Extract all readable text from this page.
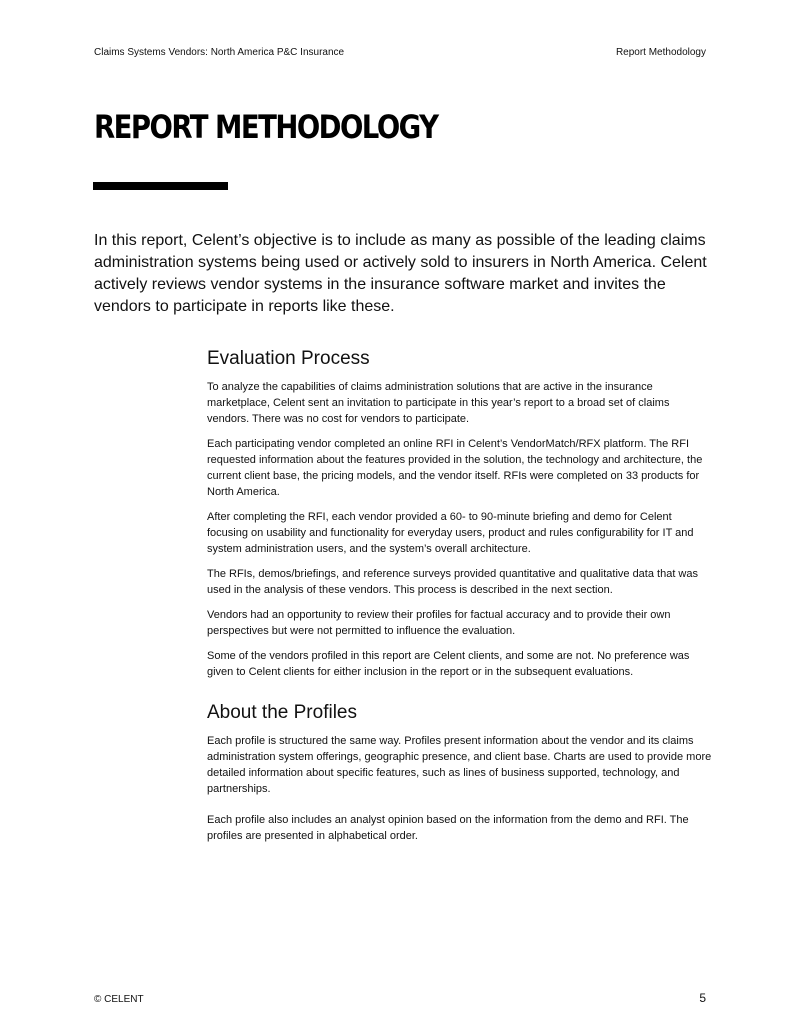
Claims Systems Vendors: North America P&C Insurance	Report Methodology
REPORT METHODOLOGY

In this report, Celent’s objective is to include as many as possible of the leading claims administration systems being used or actively sold to insurers in North America. Celent actively reviews vendor systems in the insurance software market and invites the vendors to participate in reports like these.

Evaluation Process

To analyze the capabilities of claims administration solutions that are active in the insurance marketplace, Celent sent an invitation to participate in this year’s report to a broad set of claims vendors. There was no cost for vendors to participate.

Each participating vendor completed an online RFI in Celent’s VendorMatch/RFX platform. The RFI requested information about the features provided in the solution, the technology and architecture, the current client base, the pricing models, and the vendor itself. RFIs were completed on 33 products for North America.

After completing the RFI, each vendor provided a 60- to 90-minute briefing and demo for Celent focusing on usability and functionality for everyday users, product and rules configurability for IT and system administration users, and the system’s overall architecture.

The RFIs, demos/briefings, and reference surveys provided quantitative and qualitative data that was used in the analysis of these vendors. This process is described in the next section.

Vendors had an opportunity to review their profiles for factual accuracy and to provide their own perspectives but were not permitted to influence the evaluation.

Some of the vendors profiled in this report are Celent clients, and some are not. No preference was given to Celent clients for either inclusion in the report or in the subsequent evaluations.

About the Profiles

Each profile is structured the same way. Profiles present information about the vendor and its claims administration system offerings, geographic presence, and client base. Charts are used to provide more detailed information about specific features, such as lines of business supported, technology, and partnerships.

Each profile also includes an analyst opinion based on the information from the demo and RFI. The profiles are presented in alphabetical order.

© CELENT	5
